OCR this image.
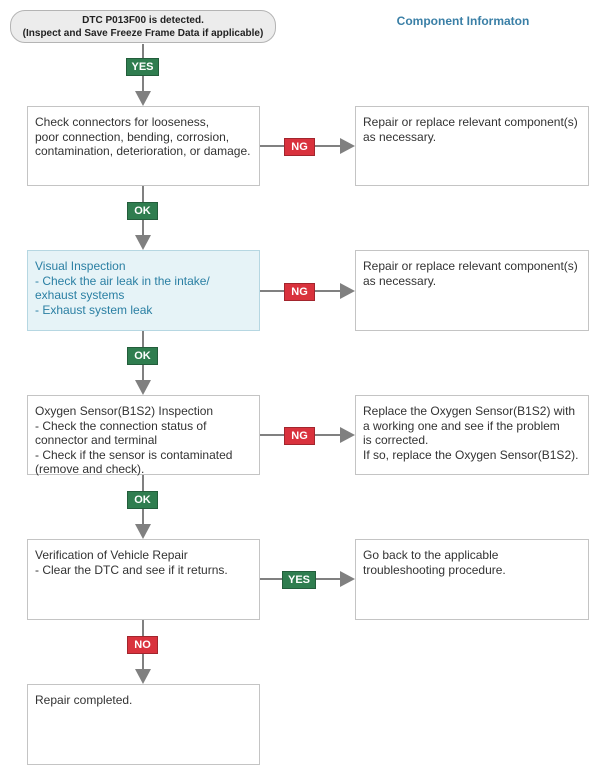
DTC P013F00 is detected.
(Inspect and Save Freeze Frame Data if applicable)
Component Informaton
Check connectors for looseness,
poor connection, bending, corrosion,
contamination, deterioration, or damage.
Visual Inspection
- Check the air leak in the intake/
exhaust systems
- Exhaust system leak
Oxygen Sensor(B1S2) Inspection
- Check the connection status of
connector and terminal
- Check if the sensor is contaminated
(remove and check).
Verification of Vehicle Repair
- Clear the DTC and see if it returns.
Repair completed.
Repair or replace relevant component(s)
as necessary.
Repair or replace relevant component(s)
as necessary.
Replace the Oxygen Sensor(B1S2) with
a working one and see if the problem
is corrected.
If so, replace the Oxygen Sensor(B1S2).
Go back to the applicable
troubleshooting procedure.
YES
OK
OK
OK
NO
NG
NG
NG
YES
